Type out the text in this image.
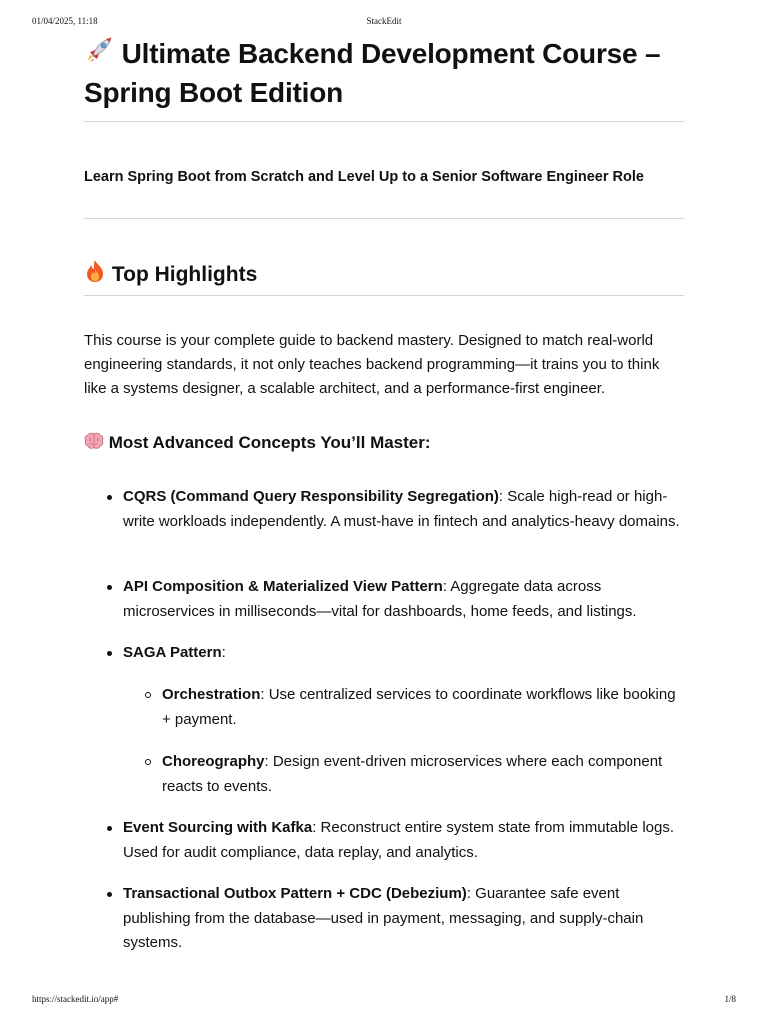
01/04/2025, 11:18	StackEdit
Ultimate Backend Development Course – Spring Boot Edition

Learn Spring Boot from Scratch and Level Up to a Senior Software Engineer Role

Top Highlights

This course is your complete guide to backend mastery. Designed to match real-world engineering standards, it not only teaches backend programming—it trains you to think like a systems designer, a scalable architect, and a performance-first engineer.

Most Advanced Concepts You’ll Master:
CQRS (Command Query Responsibility Segregation): Scale high-read or high-write workloads independently. A must-have in fintech and analytics-heavy domains.
API Composition & Materialized View Pattern: Aggregate data across microservices in milliseconds—vital for dashboards, home feeds, and listings.
SAGA Pattern:
Orchestration: Use centralized services to coordinate workflows like booking + payment.
Choreography: Design event-driven microservices where each component reacts to events.
Event Sourcing with Kafka: Reconstruct entire system state from immutable logs. Used for audit compliance, data replay, and analytics.
Transactional Outbox Pattern + CDC (Debezium): Guarantee safe event publishing from the database—used in payment, messaging, and supply-chain systems.
https://stackedit.io/app#	1/8
